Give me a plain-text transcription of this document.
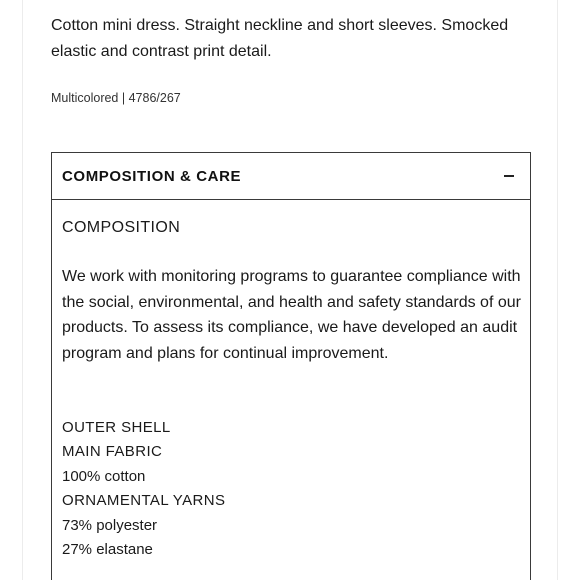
Cotton mini dress. Straight neckline and short sleeves. Smocked elastic and contrast print detail.

Multicolored | 4786/267

COMPOSITION & CARE

COMPOSITION

We work with monitoring programs to guarantee compliance with the social, environmental, and health and safety standards of our products. To assess its compliance, we have developed an audit program and plans for continual improvement.

OUTER SHELL
MAIN FABRIC
100% cotton
ORNAMENTAL YARNS
73% polyester
27% elastane
